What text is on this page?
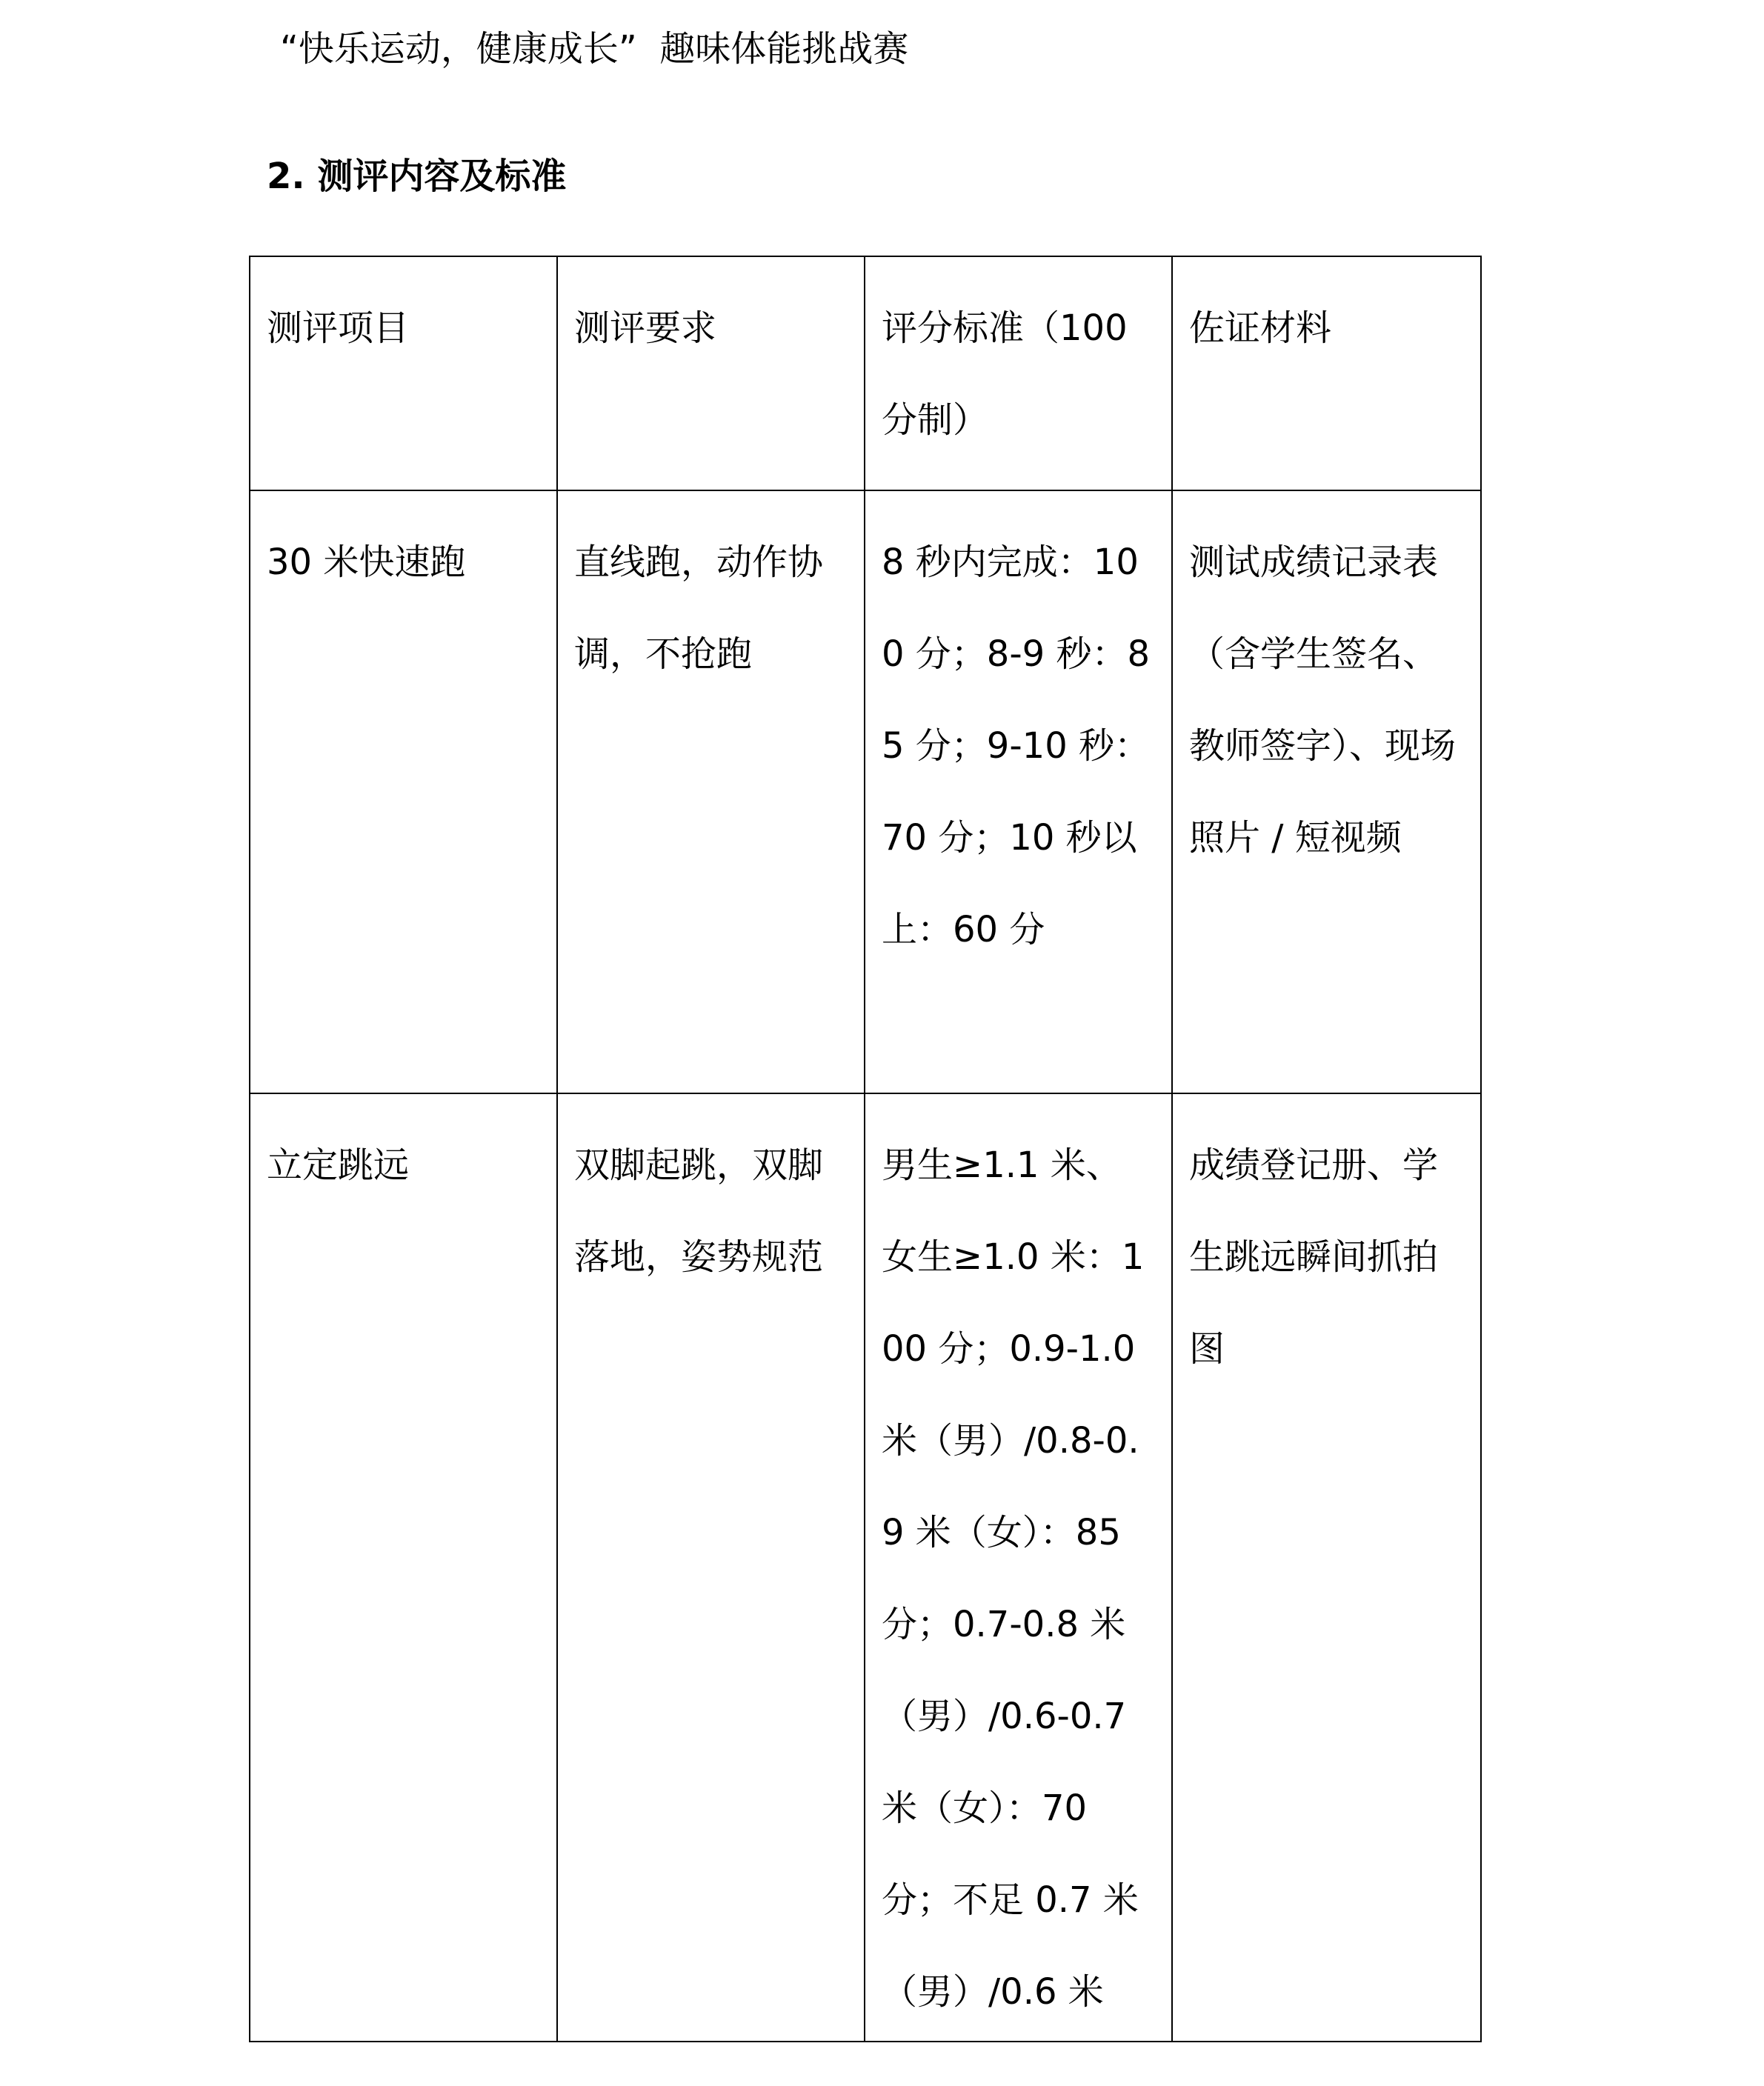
“快乐运动，健康成长”  趣味体能挑战赛
2. 测评内容及标准
测评项目	测评要求	评分标准（100分制）	佐证材料

30 米快速跑	直线跑，动作协调，不抢跑	8 秒内完成：100 分；8-9 秒：85 分；9-10 秒：70 分；10 秒以上：60 分	测试成绩记录表（含学生签名、教师签字）、现场照片 / 短视频

立定跳远	双脚起跳，双脚落地，姿势规范	男生≥1.1 米、女生≥1.0 米：100 分；0.9-1.0 米（男）/0.8-0.9 米（女）：85 分；0.7-0.8 米（男）/0.6-0.7 米（女）：70 分；不足 0.7 米（男）/0.6 米	成绩登记册、学生跳远瞬间抓拍图
